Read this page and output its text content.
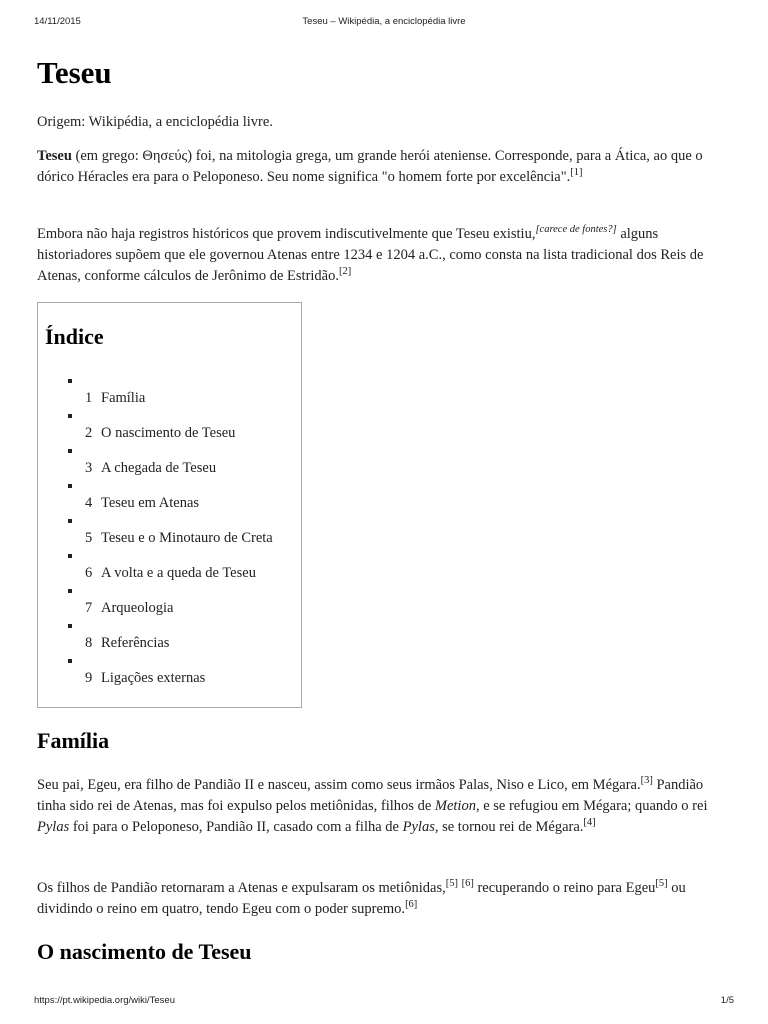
14/11/2015	Teseu – Wikipédia, a enciclopédia livre
Teseu

Origem: Wikipédia, a enciclopédia livre.

Teseu (em grego: Θησεύς) foi, na mitologia grega, um grande herói ateniense. Corresponde, para a Ática, ao que o dórico Héracles era para o Peloponeso. Seu nome significa "o homem forte por excelência".[1]

Embora não haja registros históricos que provem indiscutivelmente que Teseu existiu,[carece de fontes?] alguns historiadores supõem que ele governou Atenas entre 1234 e 1204 a.C., como consta na lista tradicional dos Reis de Atenas, conforme cálculos de Jerônimo de Estridão.[2]

Índice
1 Família
2 O nascimento de Teseu
3 A chegada de Teseu
4 Teseu em Atenas
5 Teseu e o Minotauro de Creta
6 A volta e a queda de Teseu
7 Arqueologia
8 Referências
9 Ligações externas
Família

Seu pai, Egeu, era filho de Pandião II e nasceu, assim como seus irmãos Palas, Niso e Lico, em Mégara.[3] Pandião tinha sido rei de Atenas, mas foi expulso pelos metiônidas, filhos de Metion, e se refugiou em Mégara; quando o rei Pylas foi para o Peloponeso, Pandião II, casado com a filha de Pylas, se tornou rei de Mégara.[4]

Os filhos de Pandião retornaram a Atenas e expulsaram os metiônidas,[5] [6] recuperando o reino para Egeu[5] ou dividindo o reino em quatro, tendo Egeu com o poder supremo.[6]

O nascimento de Teseu
https://pt.wikipedia.org/wiki/Teseu	1/5
